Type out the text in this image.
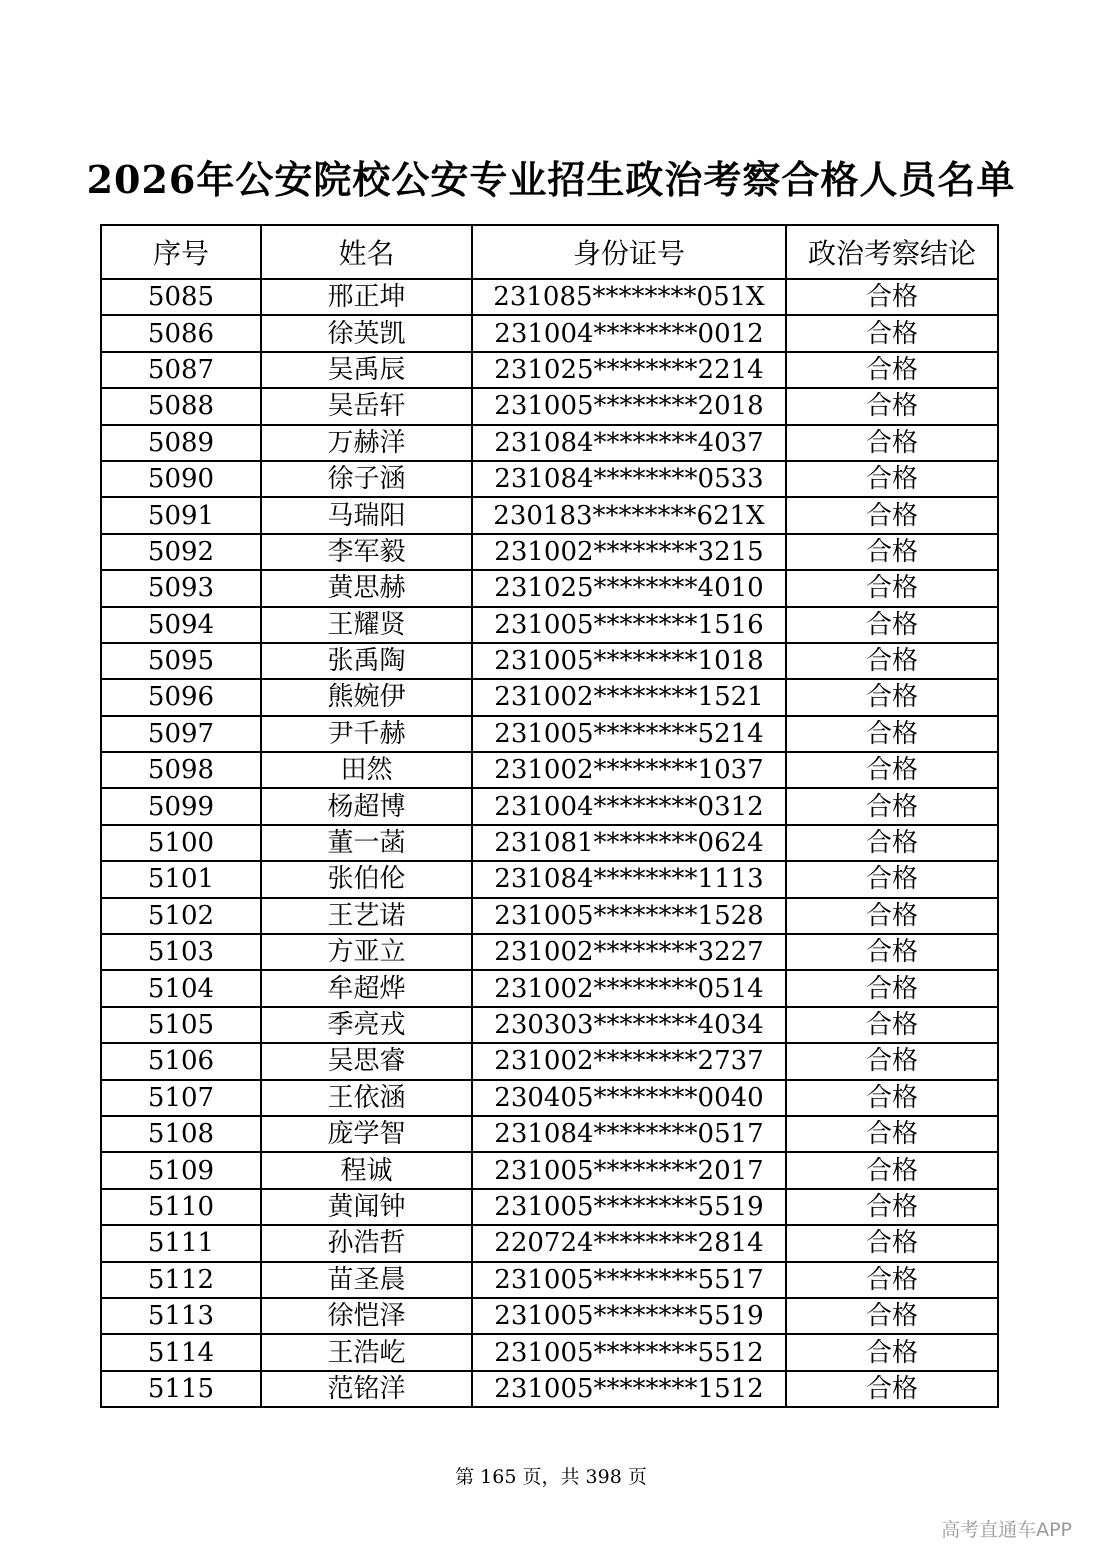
2026年公安院校公安专业招生政治考察合格人员名单
序号	姓名	身份证号	政治考察结论
5085	邢正坤	231085********051X	合格
5086	徐英凯	231004********0012	合格
5087	吴禹辰	231025********2214	合格
5088	吴岳轩	231005********2018	合格
5089	万赫洋	231084********4037	合格
5090	徐子涵	231084********0533	合格
5091	马瑞阳	230183********621X	合格
5092	李军毅	231002********3215	合格
5093	黄思赫	231025********4010	合格
5094	王耀贤	231005********1516	合格
5095	张禹陶	231005********1018	合格
5096	熊婉伊	231002********1521	合格
5097	尹千赫	231005********5214	合格
5098	田然	231002********1037	合格
5099	杨超博	231004********0312	合格
5100	董一菡	231081********0624	合格
5101	张伯伦	231084********1113	合格
5102	王艺诺	231005********1528	合格
5103	方亚立	231002********3227	合格
5104	牟超烨	231002********0514	合格
5105	季亮戎	230303********4034	合格
5106	吴思睿	231002********2737	合格
5107	王依涵	230405********0040	合格
5108	庞学智	231084********0517	合格
5109	程诚	231005********2017	合格
5110	黄闻钟	231005********5519	合格
5111	孙浩哲	220724********2814	合格
5112	苗圣晨	231005********5517	合格
5113	徐恺泽	231005********5519	合格
5114	王浩屹	231005********5512	合格
5115	范铭洋	231005********1512	合格
第 165 页，共 398 页
高考直通车APP
